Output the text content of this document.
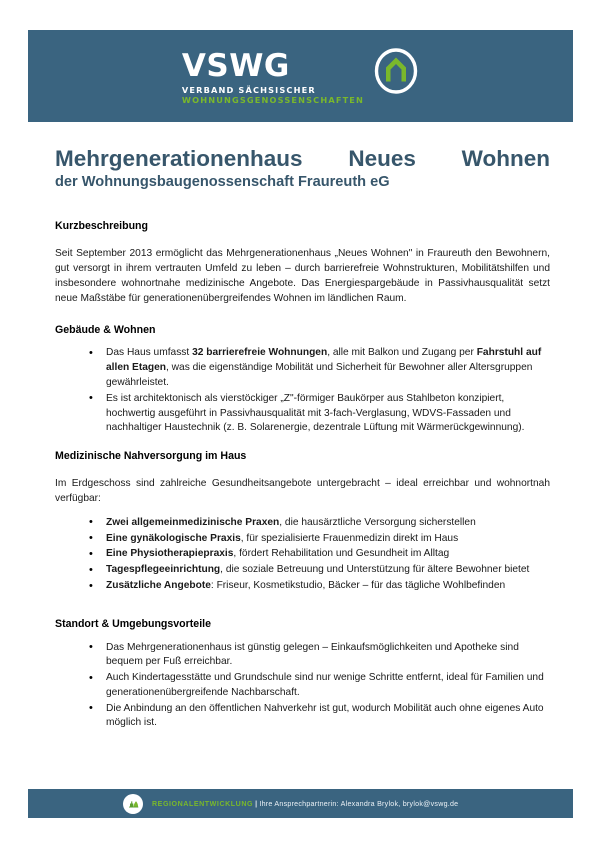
VSWG
VERBAND SÄCHSISCHER
WOHNUNGSGENOSSENSCHAFTEN
Mehrgenerationenhaus Neues Wohnen
der Wohnungsbaugenossenschaft Fraureuth eG
Kurzbeschreibung

Seit September 2013 ermöglicht das Mehrgenerationenhaus „Neues Wohnen" in Fraureuth den Bewohnern, gut versorgt in ihrem vertrauten Umfeld zu leben – durch barrierefreie Wohnstrukturen, Mobilitätshilfen und insbesondere wohnortnahe medizinische Angebote. Das Energiespargebäude in Passivhausqualität setzt neue Maßstäbe für generationenübergreifendes Wohnen im ländlichen Raum.

Gebäude & Wohnen
• Das Haus umfasst 32 barrierefreie Wohnungen, alle mit Balkon und Zugang per Fahrstuhl auf allen Etagen, was die eigenständige Mobilität und Sicherheit für Bewohner aller Altersgruppen gewährleistet.
• Es ist architektonisch als vierstöckiger „Z"-förmiger Baukörper aus Stahlbeton konzipiert, hochwertig ausgeführt in Passivhausqualität mit 3-fach-Verglasung, WDVS-Fassaden und nachhaltiger Haustechnik (z. B. Solarenergie, dezentrale Lüftung mit Wärmerückgewinnung).
Medizinische Nahversorgung im Haus

Im Erdgeschoss sind zahlreiche Gesundheitsangebote untergebracht – ideal erreichbar und wohnortnah verfügbar:

• Zwei allgemeinmedizinische Praxen, die hausärztliche Versorgung sicherstellen
• Eine gynäkologische Praxis, für spezialisierte Frauenmedizin direkt im Haus
• Eine Physiotherapiepraxis, fördert Rehabilitation und Gesundheit im Alltag
• Tagespflegeeinrichtung, die soziale Betreuung und Unterstützung für ältere Bewohner bietet
• Zusätzliche Angebote: Friseur, Kosmetikstudio, Bäcker – für das tägliche Wohlbefinden
Standort & Umgebungsvorteile
• Das Mehrgenerationenhaus ist günstig gelegen – Einkaufsmöglichkeiten und Apotheke sind bequem per Fuß erreichbar.
• Auch Kindertagesstätte und Grundschule sind nur wenige Schritte entfernt, ideal für Familien und generationenübergreifende Nachbarschaft.
• Die Anbindung an den öffentlichen Nahverkehr ist gut, wodurch Mobilität auch ohne eigenes Auto möglich ist.
REGIONALENTWICKLUNG | Ihre Ansprechpartnerin: Alexandra Brylok, brylok@vswg.de
